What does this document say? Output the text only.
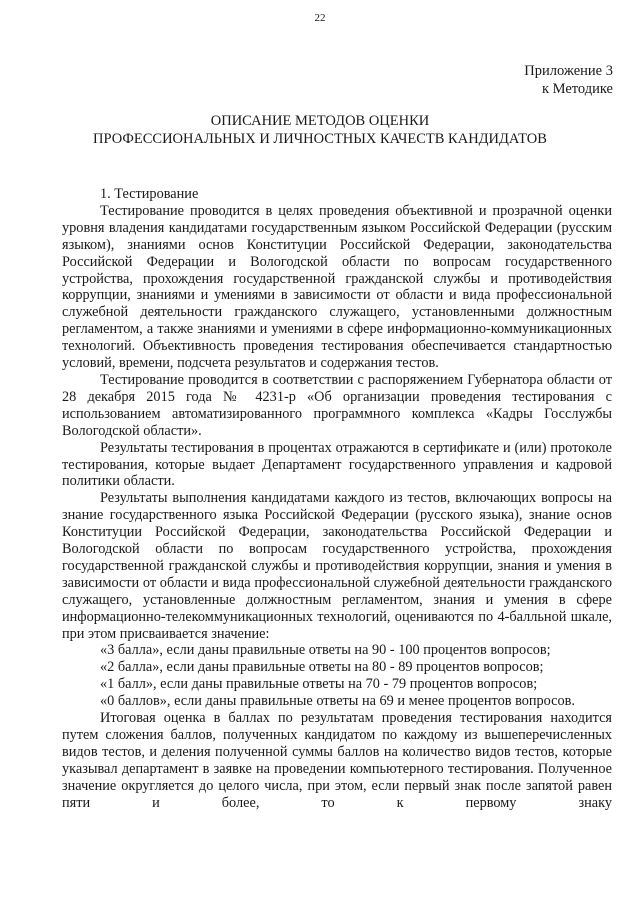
22
Приложение 3
к Методике
ОПИСАНИЕ МЕТОДОВ ОЦЕНКИ
ПРОФЕССИОНАЛЬНЫХ И ЛИЧНОСТНЫХ КАЧЕСТВ КАНДИДАТОВ

1. Тестирование

Тестирование проводится в целях проведения объективной и прозрачной оценки уровня владения кандидатами государственным языком Российской Федерации (русским языком), знаниями основ Конституции Российской Федерации, законодательства Российской Федерации и Вологодской области по вопросам государственного устройства, прохождения государственной гражданской службы и противодействия коррупции, знаниями и умениями в зависимости от области и вида профессиональной служебной деятельности гражданского служащего, установленными должностным регламентом, а также знаниями и умениями в сфере информационно-коммуникационных технологий. Объективность проведения тестирования обеспечивается стандартностью условий, времени, подсчета результатов и содержания тестов.

Тестирование проводится в соответствии с распоряжением Губернатора области от 28 декабря 2015 года № 4231-р «Об организации проведения тестирования с использованием автоматизированного программного комплекса «Кадры Госслужбы Вологодской области».

Результаты тестирования в процентах отражаются в сертификате и (или) протоколе тестирования, которые выдает Департамент государственного управления и кадровой политики области.

Результаты выполнения кандидатами каждого из тестов, включающих вопросы на знание государственного языка Российской Федерации (русского языка), знание основ Конституции Российской Федерации, законодательства Российской Федерации и Вологодской области по вопросам государственного устройства, прохождения государственной гражданской службы и противодействия коррупции, знания и умения в зависимости от области и вида профессиональной служебной деятельности гражданского служащего, установленные должностным регламентом, знания и умения в сфере информационно-телекоммуникационных технологий, оцениваются по 4-балльной шкале, при этом присваивается значение:

«3 балла», если даны правильные ответы на 90 - 100 процентов вопросов;

«2 балла», если даны правильные ответы на 80 - 89 процентов вопросов;

«1 балл», если даны правильные ответы на 70 - 79 процентов вопросов;

«0 баллов», если даны правильные ответы на 69 и менее процентов вопросов.

Итоговая оценка в баллах по результатам проведения тестирования находится путем сложения баллов, полученных кандидатом по каждому из вышеперечисленных видов тестов, и деления полученной суммы баллов на количество видов тестов, которые указывал департамент в заявке на проведении компьютерного тестирования. Полученное значение округляется до целого числа, при этом, если первый знак после запятой равен пяти и более, то к первому знаку
